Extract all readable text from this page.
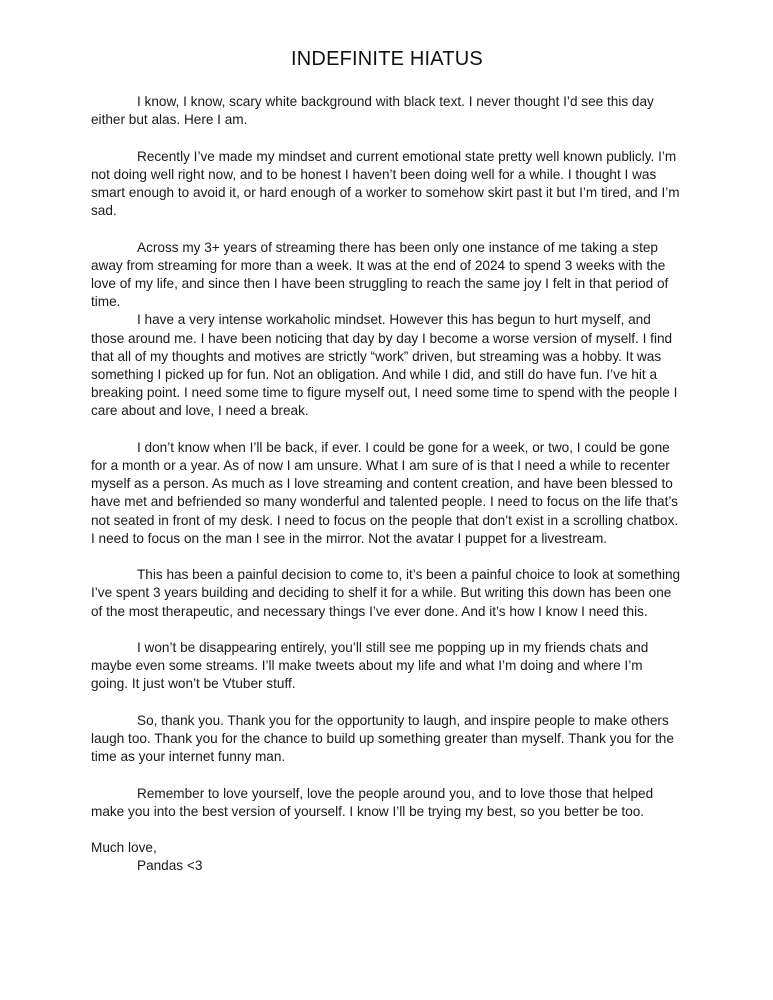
INDEFINITE HIATUS

I know, I know, scary white background with black text. I never thought I’d see this day either but alas. Here I am.

Recently I’ve made my mindset and current emotional state pretty well known publicly. I’m not doing well right now, and to be honest I haven’t been doing well for a while. I thought I was smart enough to avoid it, or hard enough of a worker to somehow skirt past it but I’m tired, and I’m sad.

Across my 3+ years of streaming there has been only one instance of me taking a step away from streaming for more than a week. It was at the end of 2024 to spend 3 weeks with the love of my life, and since then I have been struggling to reach the same joy I felt in that period of time.

I have a very intense workaholic mindset. However this has begun to hurt myself, and those around me. I have been noticing that day by day I become a worse version of myself. I find that all of my thoughts and motives are strictly “work” driven, but streaming was a hobby. It was something I picked up for fun. Not an obligation. And while I did, and still do have fun. I’ve hit a breaking point. I need some time to figure myself out, I need some time to spend with the people I care about and love, I need a break.

I don’t know when I’ll be back, if ever. I could be gone for a week, or two, I could be gone for a month or a year. As of now I am unsure. What I am sure of is that I need a while to recenter myself as a person. As much as I love streaming and content creation, and have been blessed to have met and befriended so many wonderful and talented people. I need to focus on the life that’s not seated in front of my desk. I need to focus on the people that don’t exist in a scrolling chatbox. I need to focus on the man I see in the mirror. Not the avatar I puppet for a livestream.

This has been a painful decision to come to, it’s been a painful choice to look at something I’ve spent 3 years building and deciding to shelf it for a while. But writing this down has been one of the most therapeutic, and necessary things I’ve ever done. And it’s how I know I need this.

I won’t be disappearing entirely, you’ll still see me popping up in my friends chats and maybe even some streams. I’ll make tweets about my life and what I’m doing and where I’m going. It just won’t be Vtuber stuff.

So, thank you. Thank you for the opportunity to laugh, and inspire people to make others laugh too. Thank you for the chance to build up something greater than myself. Thank you for the time as your internet funny man.

Remember to love yourself, love the people around you, and to love those that helped make you into the best version of yourself. I know I’ll be trying my best, so you better be too.

Much love,

Pandas <3
